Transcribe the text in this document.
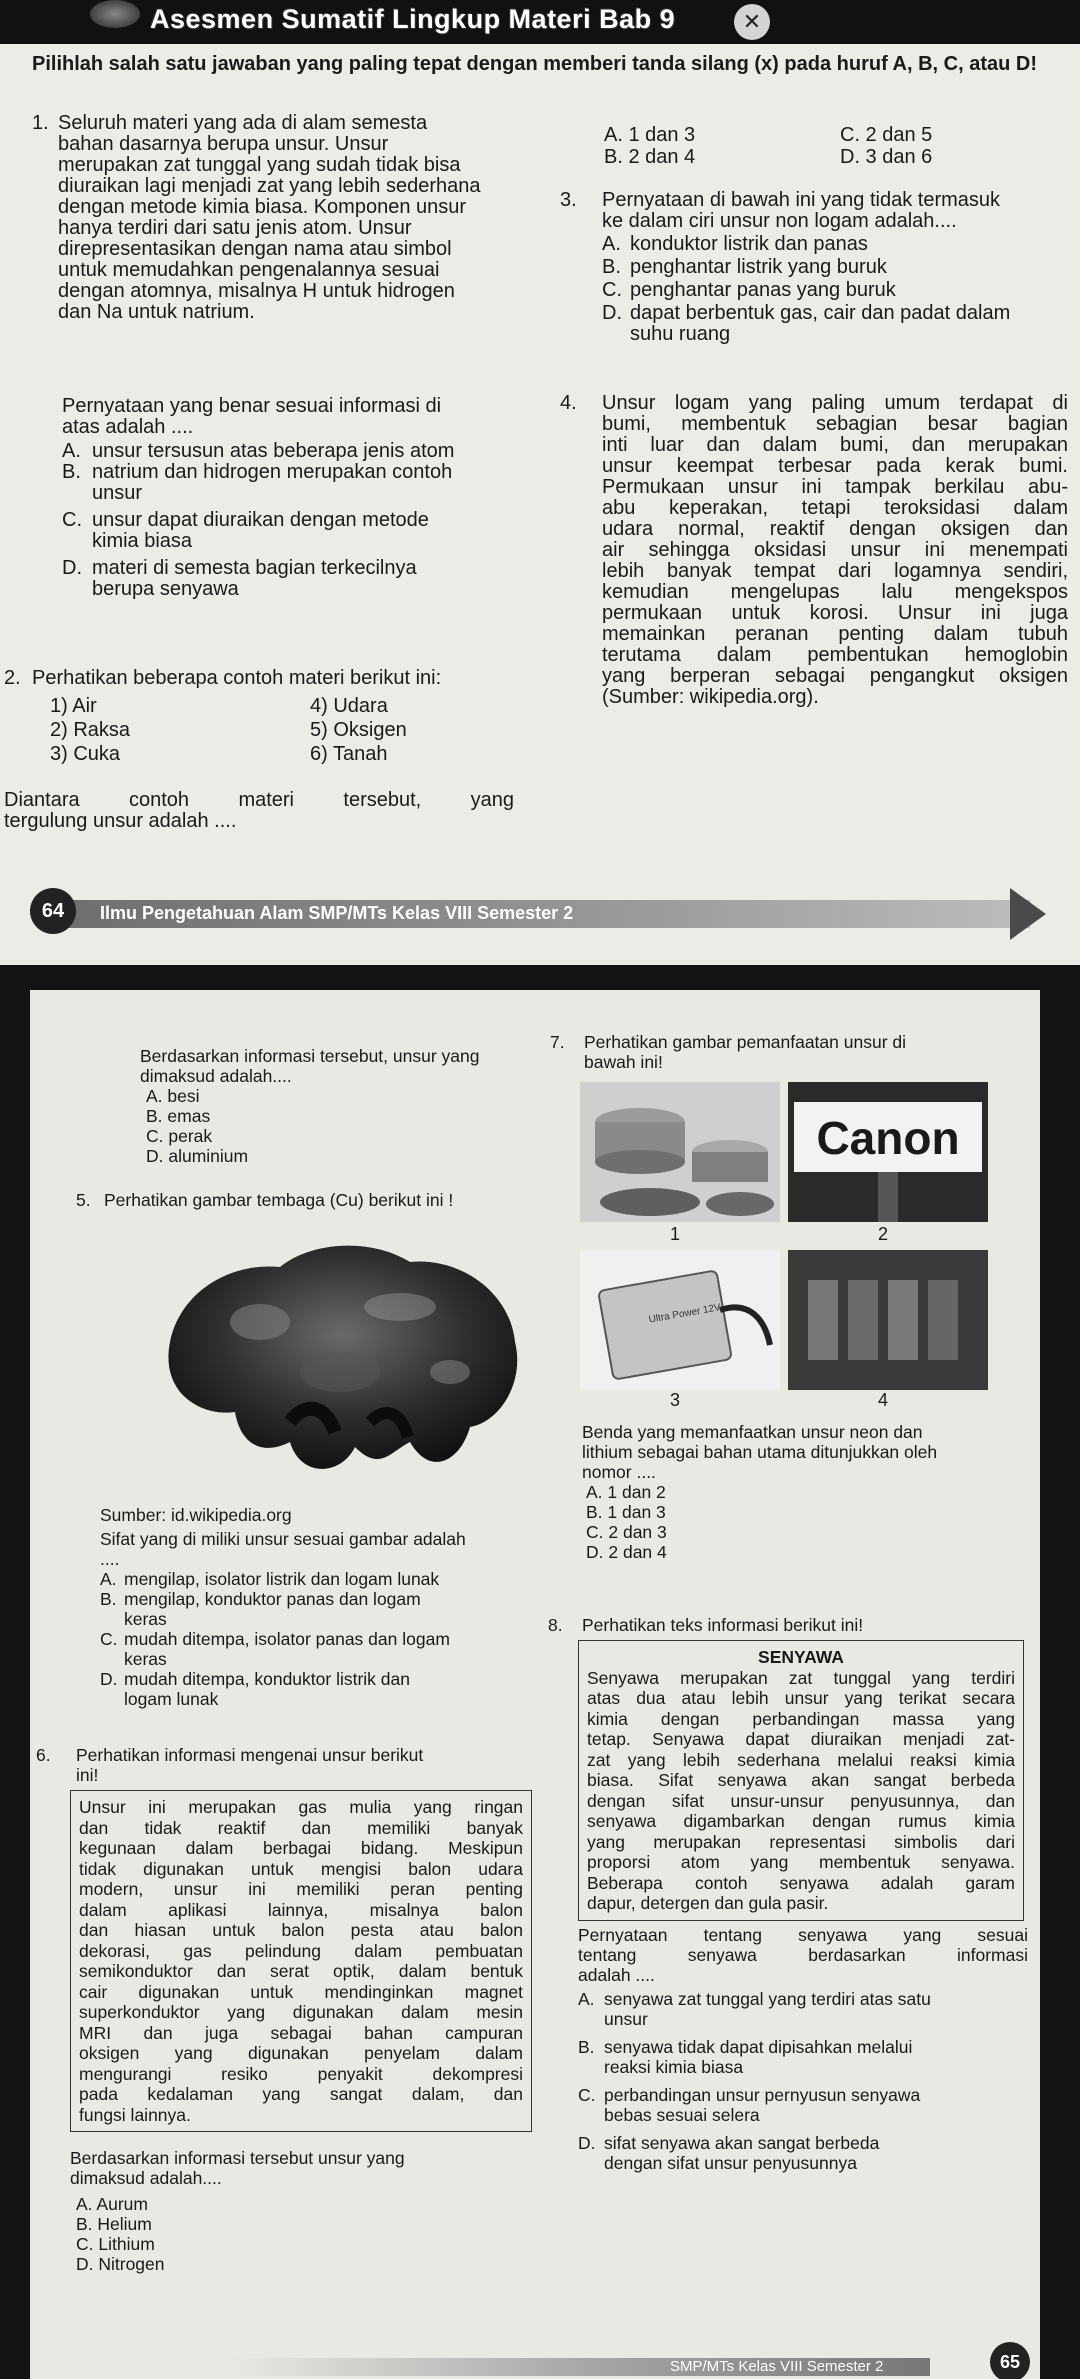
Asesmen Sumatif Lingkup Materi Bab 9	✕
Pilihlah salah satu jawaban yang paling tepat dengan memberi tanda silang (x) pada huruf A, B, C, atau D!
1. Seluruh materi yang ada di alam semesta

bahan dasarnya berupa unsur. Unsur

merupakan zat tunggal yang sudah tidak bisa

diuraikan lagi menjadi zat yang lebih sederhana

dengan metode kimia biasa. Komponen unsur

hanya terdiri dari satu jenis atom. Unsur

direpresentasikan dengan nama atau simbol

untuk memudahkan pengenalannya sesuai

dengan atomnya, misalnya H untuk hidrogen

dan Na untuk natrium.

Pernyataan yang benar sesuai informasi di

atas adalah ....

A. unsur tersusun atas beberapa jenis atom
B. natrium dan hidrogen merupakan contoh
unsur
C. unsur dapat diuraikan dengan metode
kimia biasa
D. materi di semesta bagian terkecilnya
berupa senyawa
2. Perhatikan beberapa contoh materi berikut ini:
1) Air	4) Udara
2) Raksa	5) Oksigen
3) Cuka	6) Tanah

Diantara contoh materi tersebut, yang

tergulung unsur adalah ....

A. 1 dan 3	C. 2 dan 5
B. 2 dan 4	D. 3 dan 6
3.	Pernyataan di bawah ini yang tidak termasuk

ke dalam ciri unsur non logam adalah....

A. konduktor listrik dan panas
B. penghantar listrik yang buruk
C. penghantar panas yang buruk
D. dapat berbentuk gas, cair dan padat dalam
suhu ruang
4. Unsur logam yang paling umum terdapat di

bumi, membentuk sebagian besar bagian

inti luar dan dalam bumi, dan merupakan

unsur keempat terbesar pada kerak bumi.

Permukaan unsur ini tampak berkilau abu-

abu keperakan, tetapi teroksidasi dalam

udara normal, reaktif dengan oksigen dan

air sehingga oksidasi unsur ini menempati

lebih banyak tempat dari logamnya sendiri,

kemudian mengelupas lalu mengekspos

permukaan untuk korosi. Unsur ini juga

memainkan peranan penting dalam tubuh

terutama dalam pembentukan hemoglobin

yang berperan sebagai pengangkut oksigen

(Sumber: wikipedia.org).

64	Ilmu Pengetahuan Alam SMP/MTs Kelas VIII Semester 2

Berdasarkan informasi tersebut, unsur yang

dimaksud adalah....

A. besi

B. emas

C. perak

D. aluminium

5. Perhatikan gambar tembaga (Cu) berikut ini !

Sumber: id.wikipedia.org

Sifat yang di miliki unsur sesuai gambar adalah

....

A. mengilap, isolator listrik dan logam lunak
B. mengilap, konduktor panas dan logam
keras
C. mudah ditempa, isolator panas dan logam
keras
D. mudah ditempa, konduktor listrik dan
logam lunak
6.	Perhatikan informasi mengenai unsur berikut

ini!

Unsur ini merupakan gas mulia yang ringan

dan tidak reaktif dan memiliki banyak

kegunaan dalam berbagai bidang. Meskipun

tidak digunakan untuk mengisi balon udara

modern, unsur ini memiliki peran penting

dalam aplikasi lainnya, misalnya balon

dan hiasan untuk balon pesta atau balon

dekorasi, gas pelindung dalam pembuatan

semikonduktor dan serat optik, dalam bentuk

cair digunakan untuk mendinginkan magnet

superkonduktor yang digunakan dalam mesin

MRI dan juga sebagai bahan campuran

oksigen yang digunakan penyelam dalam

mengurangi resiko penyakit dekompresi

pada kedalaman yang sangat dalam, dan

fungsi lainnya.

Berdasarkan informasi tersebut unsur yang

dimaksud adalah....

A. Aurum

B. Helium

C. Lithium

D. Nitrogen

7.	Perhatikan gambar pemanfaatan unsur di

bawah ini!

1
Canon
2
Ultra Power 12V
3	4

Benda yang memanfaatkan unsur neon dan

lithium sebagai bahan utama ditunjukkan oleh

nomor ....

A. 1 dan 2

B. 1 dan 3

C. 2 dan 3

D. 2 dan 4

8.	Perhatikan teks informasi berikut ini!

SENYAWA

Senyawa merupakan zat tunggal yang terdiri

atas dua atau lebih unsur yang terikat secara

kimia dengan perbandingan massa yang

tetap. Senyawa dapat diuraikan menjadi zat-

zat yang lebih sederhana melalui reaksi kimia

biasa. Sifat senyawa akan sangat berbeda

dengan sifat unsur-unsur penyusunnya, dan

senyawa digambarkan dengan rumus kimia

yang merupakan representasi simbolis dari

proporsi atom yang membentuk senyawa.

Beberapa contoh senyawa adalah garam

dapur, detergen dan gula pasir.

Pernyataan tentang senyawa yang sesuai

tentang senyawa berdasarkan informasi

adalah ....

A. senyawa zat tunggal yang terdiri atas satu
unsur
B. senyawa tidak dapat dipisahkan melalui
reaksi kimia biasa
C. perbandingan unsur pernyusun senyawa
bebas sesuai selera
D. sifat senyawa akan sangat berbeda
dengan sifat unsur penyusunnya
SMP/MTs Kelas VIII Semester 2	65
